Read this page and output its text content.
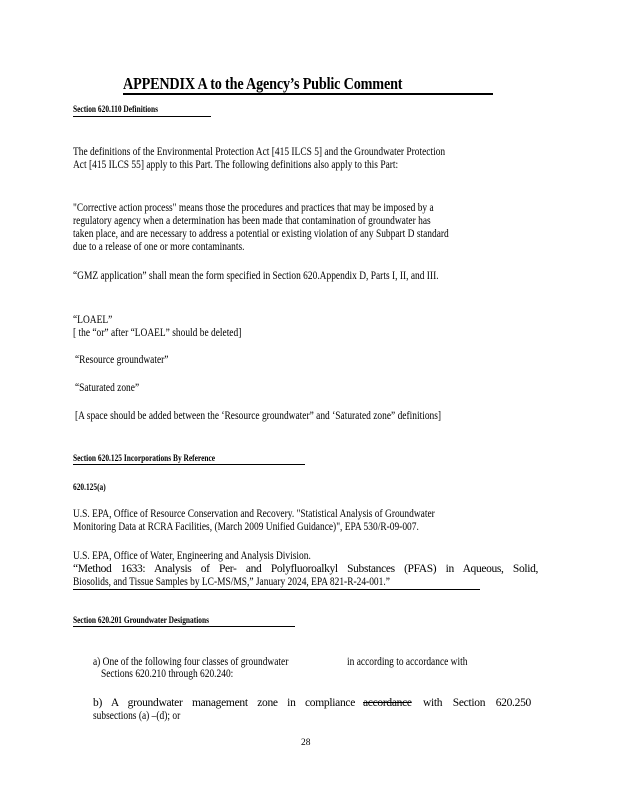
APPENDIX A to the Agency’s Public Comment
Section 620.110 Definitions
The definitions of the Environmental Protection Act [415 ILCS 5] and the Groundwater Protection
Act [415 ILCS 55] apply to this Part. The following definitions also apply to this Part:
"Corrective action process" means those the procedures and practices that may be imposed by a
regulatory agency when a determination has been made that contamination of groundwater has
taken place, and are necessary to address a potential or existing violation of any Subpart D standard
due to a release of one or more contaminants.
“GMZ application” shall mean the form specified in Section 620.Appendix D, Parts I, II, and III.
“LOAEL”
[ the “or” after “LOAEL” should be deleted]
“Resource groundwater”
“Saturated zone”
[A space should be added between the ‘Resource groundwater” and ‘Saturated zone” definitions]
Section 620.125 Incorporations By Reference
620.125(a)
U.S. EPA, Office of Resource Conservation and Recovery. "Statistical Analysis of Groundwater
Monitoring Data at RCRA Facilities, (March 2009 Unified Guidance)", EPA 530/R-09-007.
U.S. EPA, Office of Water, Engineering and Analysis Division.
“Method 1633: Analysis of Per- and Polyfluoroalkyl Substances (PFAS) in Aqueous, Solid,
Biosolids, and Tissue Samples by LC-MS/MS,” January 2024, EPA 821-R-24-001.”
Section 620.201 Groundwater Designations
a) One of the following four classes of groundwater	in according to accordance with
Sections 620.210 through 620.240:
b) A groundwater management zone in compliance accordance with Section 620.250
subsections (a) –(d); or
28
